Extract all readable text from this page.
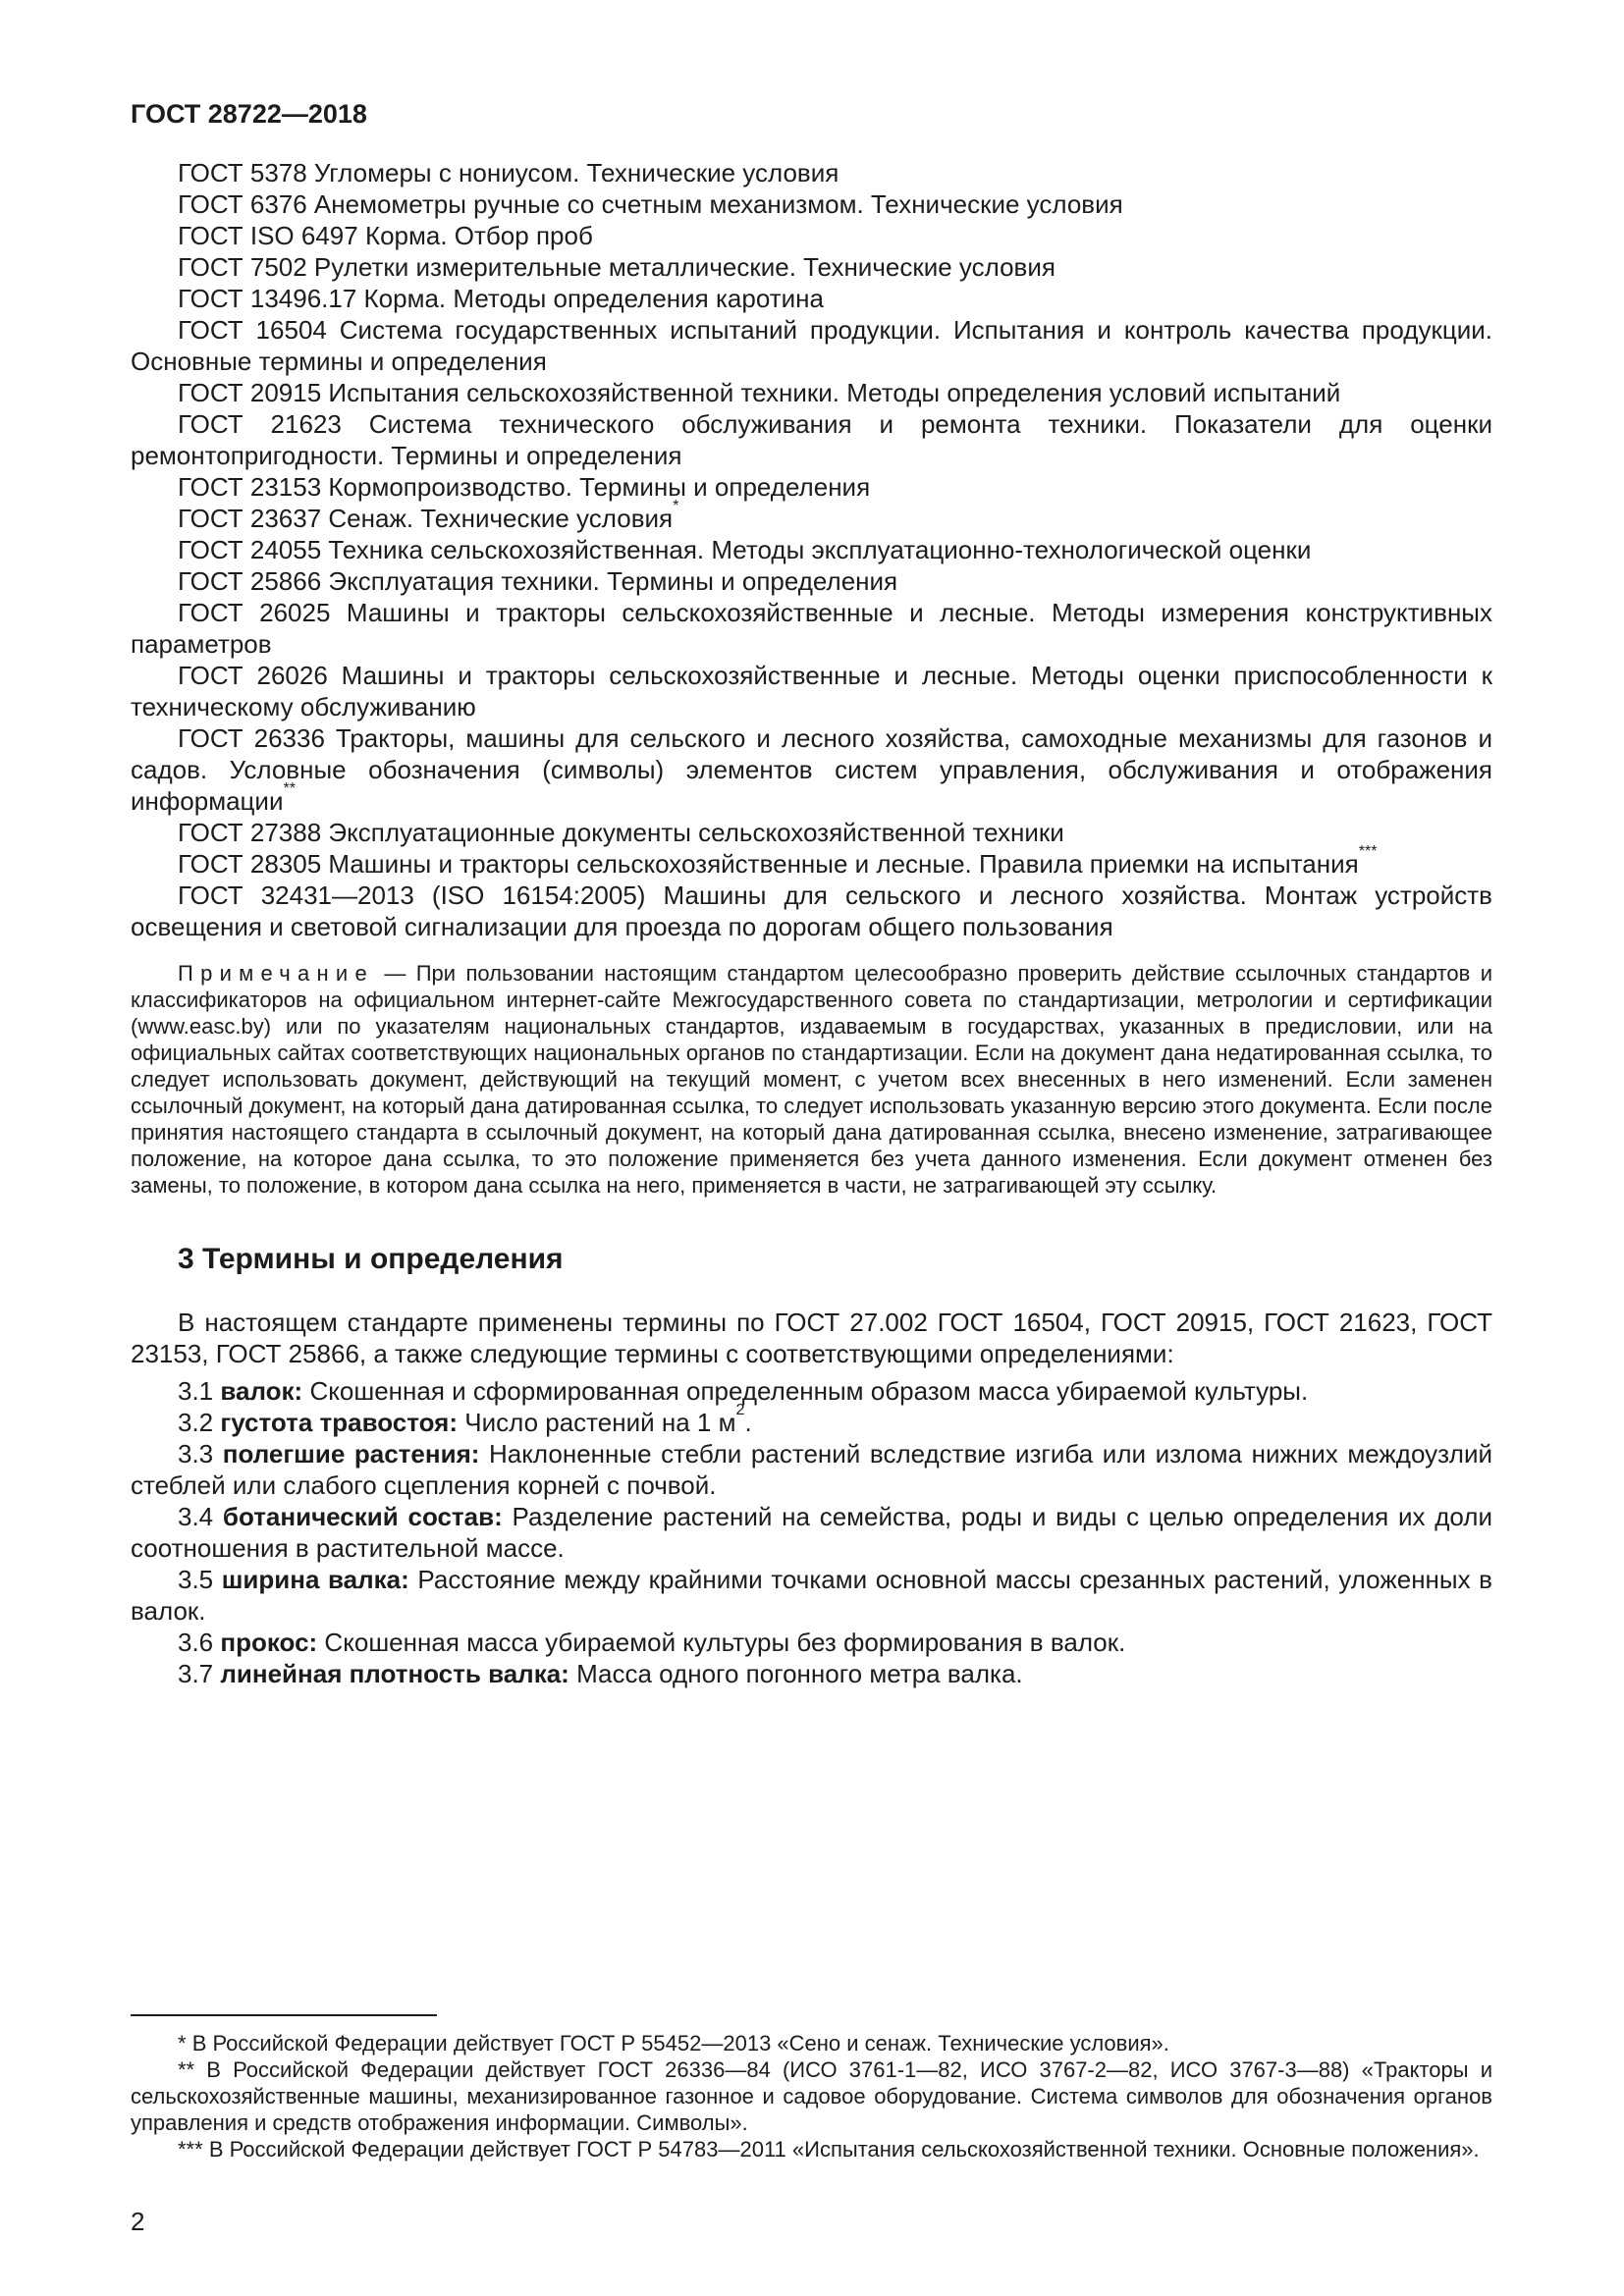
ГОСТ 28722—2018

ГОСТ 5378 Угломеры с нониусом. Технические условия

ГОСТ 6376 Анемометры ручные со счетным механизмом. Технические условия

ГОСТ ISO 6497 Корма. Отбор проб

ГОСТ 7502 Рулетки измерительные металлические. Технические условия

ГОСТ 13496.17 Корма. Методы определения каротина

ГОСТ 16504 Система государственных испытаний продукции. Испытания и контроль качества продукции. Основные термины и определения

ГОСТ 20915 Испытания сельскохозяйственной техники. Методы определения условий испытаний

ГОСТ 21623 Система технического обслуживания и ремонта техники. Показатели для оценки ремонтопригодности. Термины и определения

ГОСТ 23153 Кормопроизводство. Термины и определения

ГОСТ 23637 Сенаж. Технические условия*

ГОСТ 24055 Техника сельскохозяйственная. Методы эксплуатационно-технологической оценки

ГОСТ 25866 Эксплуатация техники. Термины и определения

ГОСТ 26025 Машины и тракторы сельскохозяйственные и лесные. Методы измерения конструктивных параметров

ГОСТ 26026 Машины и тракторы сельскохозяйственные и лесные. Методы оценки приспособленности к техническому обслуживанию

ГОСТ 26336 Тракторы, машины для сельского и лесного хозяйства, самоходные механизмы для газонов и садов. Условные обозначения (символы) элементов систем управления, обслуживания и отображения информации**

ГОСТ 27388 Эксплуатационные документы сельскохозяйственной техники

ГОСТ 28305 Машины и тракторы сельскохозяйственные и лесные. Правила приемки на испытания***

ГОСТ 32431—2013 (ISO 16154:2005) Машины для сельского и лесного хозяйства. Монтаж устройств освещения и световой сигнализации для проезда по дорогам общего пользования

Примечание — При пользовании настоящим стандартом целесообразно проверить действие ссылочных стандартов и классификаторов на официальном интернет-сайте Межгосударственного совета по стандартизации, метрологии и сертификации (www.easc.by) или по указателям национальных стандартов, издаваемым в государствах, указанных в предисловии, или на официальных сайтах соответствующих национальных органов по стандартизации. Если на документ дана недатированная ссылка, то следует использовать документ, действующий на текущий момент, с учетом всех внесенных в него изменений. Если заменен ссылочный документ, на который дана датированная ссылка, то следует использовать указанную версию этого документа. Если после принятия настоящего стандарта в ссылочный документ, на который дана датированная ссылка, внесено изменение, затрагивающее положение, на которое дана ссылка, то это положение применяется без учета данного изменения. Если документ отменен без замены, то положение, в котором дана ссылка на него, применяется в части, не затрагивающей эту ссылку.

3 Термины и определения

В настоящем стандарте применены термины по ГОСТ 27.002 ГОСТ 16504, ГОСТ 20915, ГОСТ 21623, ГОСТ 23153, ГОСТ 25866, а также следующие термины с соответствующими определениями:

3.1 валок: Скошенная и сформированная определенным образом масса убираемой культуры.

3.2 густота травостоя: Число растений на 1 $м^2$.

3.3 полегшие растения: Наклоненные стебли растений вследствие изгиба или излома нижних междоузлий стеблей или слабого сцепления корней с почвой.

3.4 ботанический состав: Разделение растений на семейства, роды и виды с целью определения их доли соотношения в растительной массе.

3.5 ширина валка: Расстояние между крайними точками основной массы срезанных растений, уложенных в валок.

3.6 прокос: Скошенная масса убираемой культуры без формирования в валок.

3.7 линейная плотность валка: Масса одного погонного метра валка.

* В Российской Федерации действует ГОСТ Р 55452—2013 «Сено и сенаж. Технические условия».

** В Российской Федерации действует ГОСТ 26336—84 (ИСО 3761-1—82, ИСО 3767-2—82, ИСО 3767-3—88) «Тракторы и сельскохозяйственные машины, механизированное газонное и садовое оборудование. Система символов для обозначения органов управления и средств отображения информации. Символы».

*** В Российской Федерации действует ГОСТ Р 54783—2011 «Испытания сельскохозяйственной техники. Основные положения».

2
